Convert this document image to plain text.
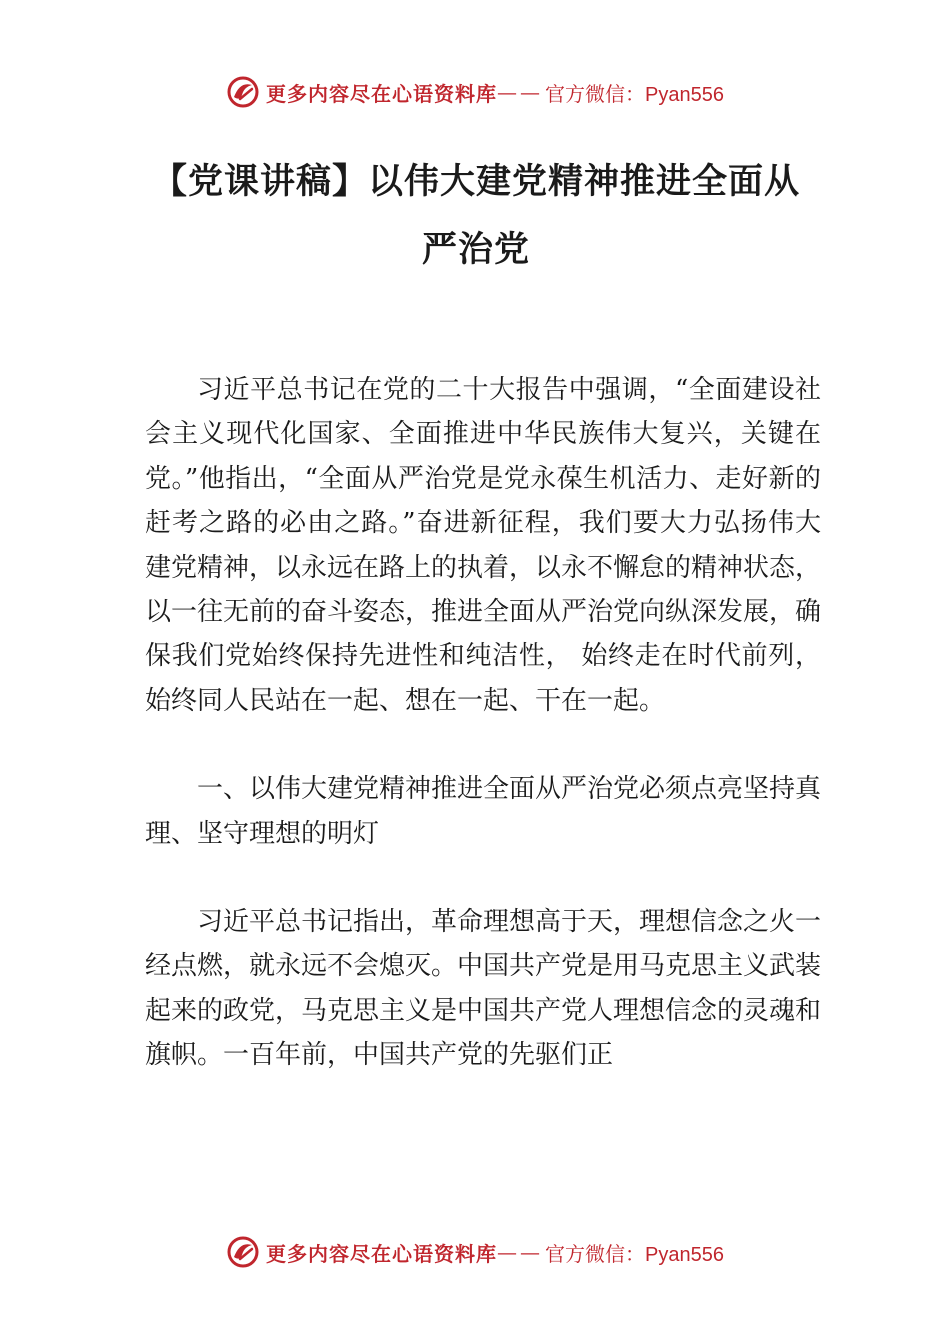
更多内容尽在心语资料库 —— 官方微信：Pyan556
【党课讲稿】以伟大建党精神推进全面从严治党

习近平总书记在党的二十大报告中强调，“全面建设社会主义现代化国家、全面推进中华民族伟大复兴，关键在党。”他指出，“全面从严治党是党永葆生机活力、走好新的赶考之路的必由之路。”奋进新征程，我们要大力弘扬伟大建党精神，以永远在路上的执着，以永不懈怠的精神状态，以一往无前的奋斗姿态，推进全面从严治党向纵深发展，确保我们党始终保持先进性和纯洁性， 始终走在时代前列，始终同人民站在一起、想在一起、干在一起。

一、以伟大建党精神推进全面从严治党必须点亮坚持真理、坚守理想的明灯

习近平总书记指出，革命理想高于天，理想信念之火一经点燃，就永远不会熄灭。中国共产党是用马克思主义武装起来的政党，马克思主义是中国共产党人理想信念的灵魂和旗帜。一百年前，中国共产党的先驱们正

更多内容尽在心语资料库 —— 官方微信：Pyan556
